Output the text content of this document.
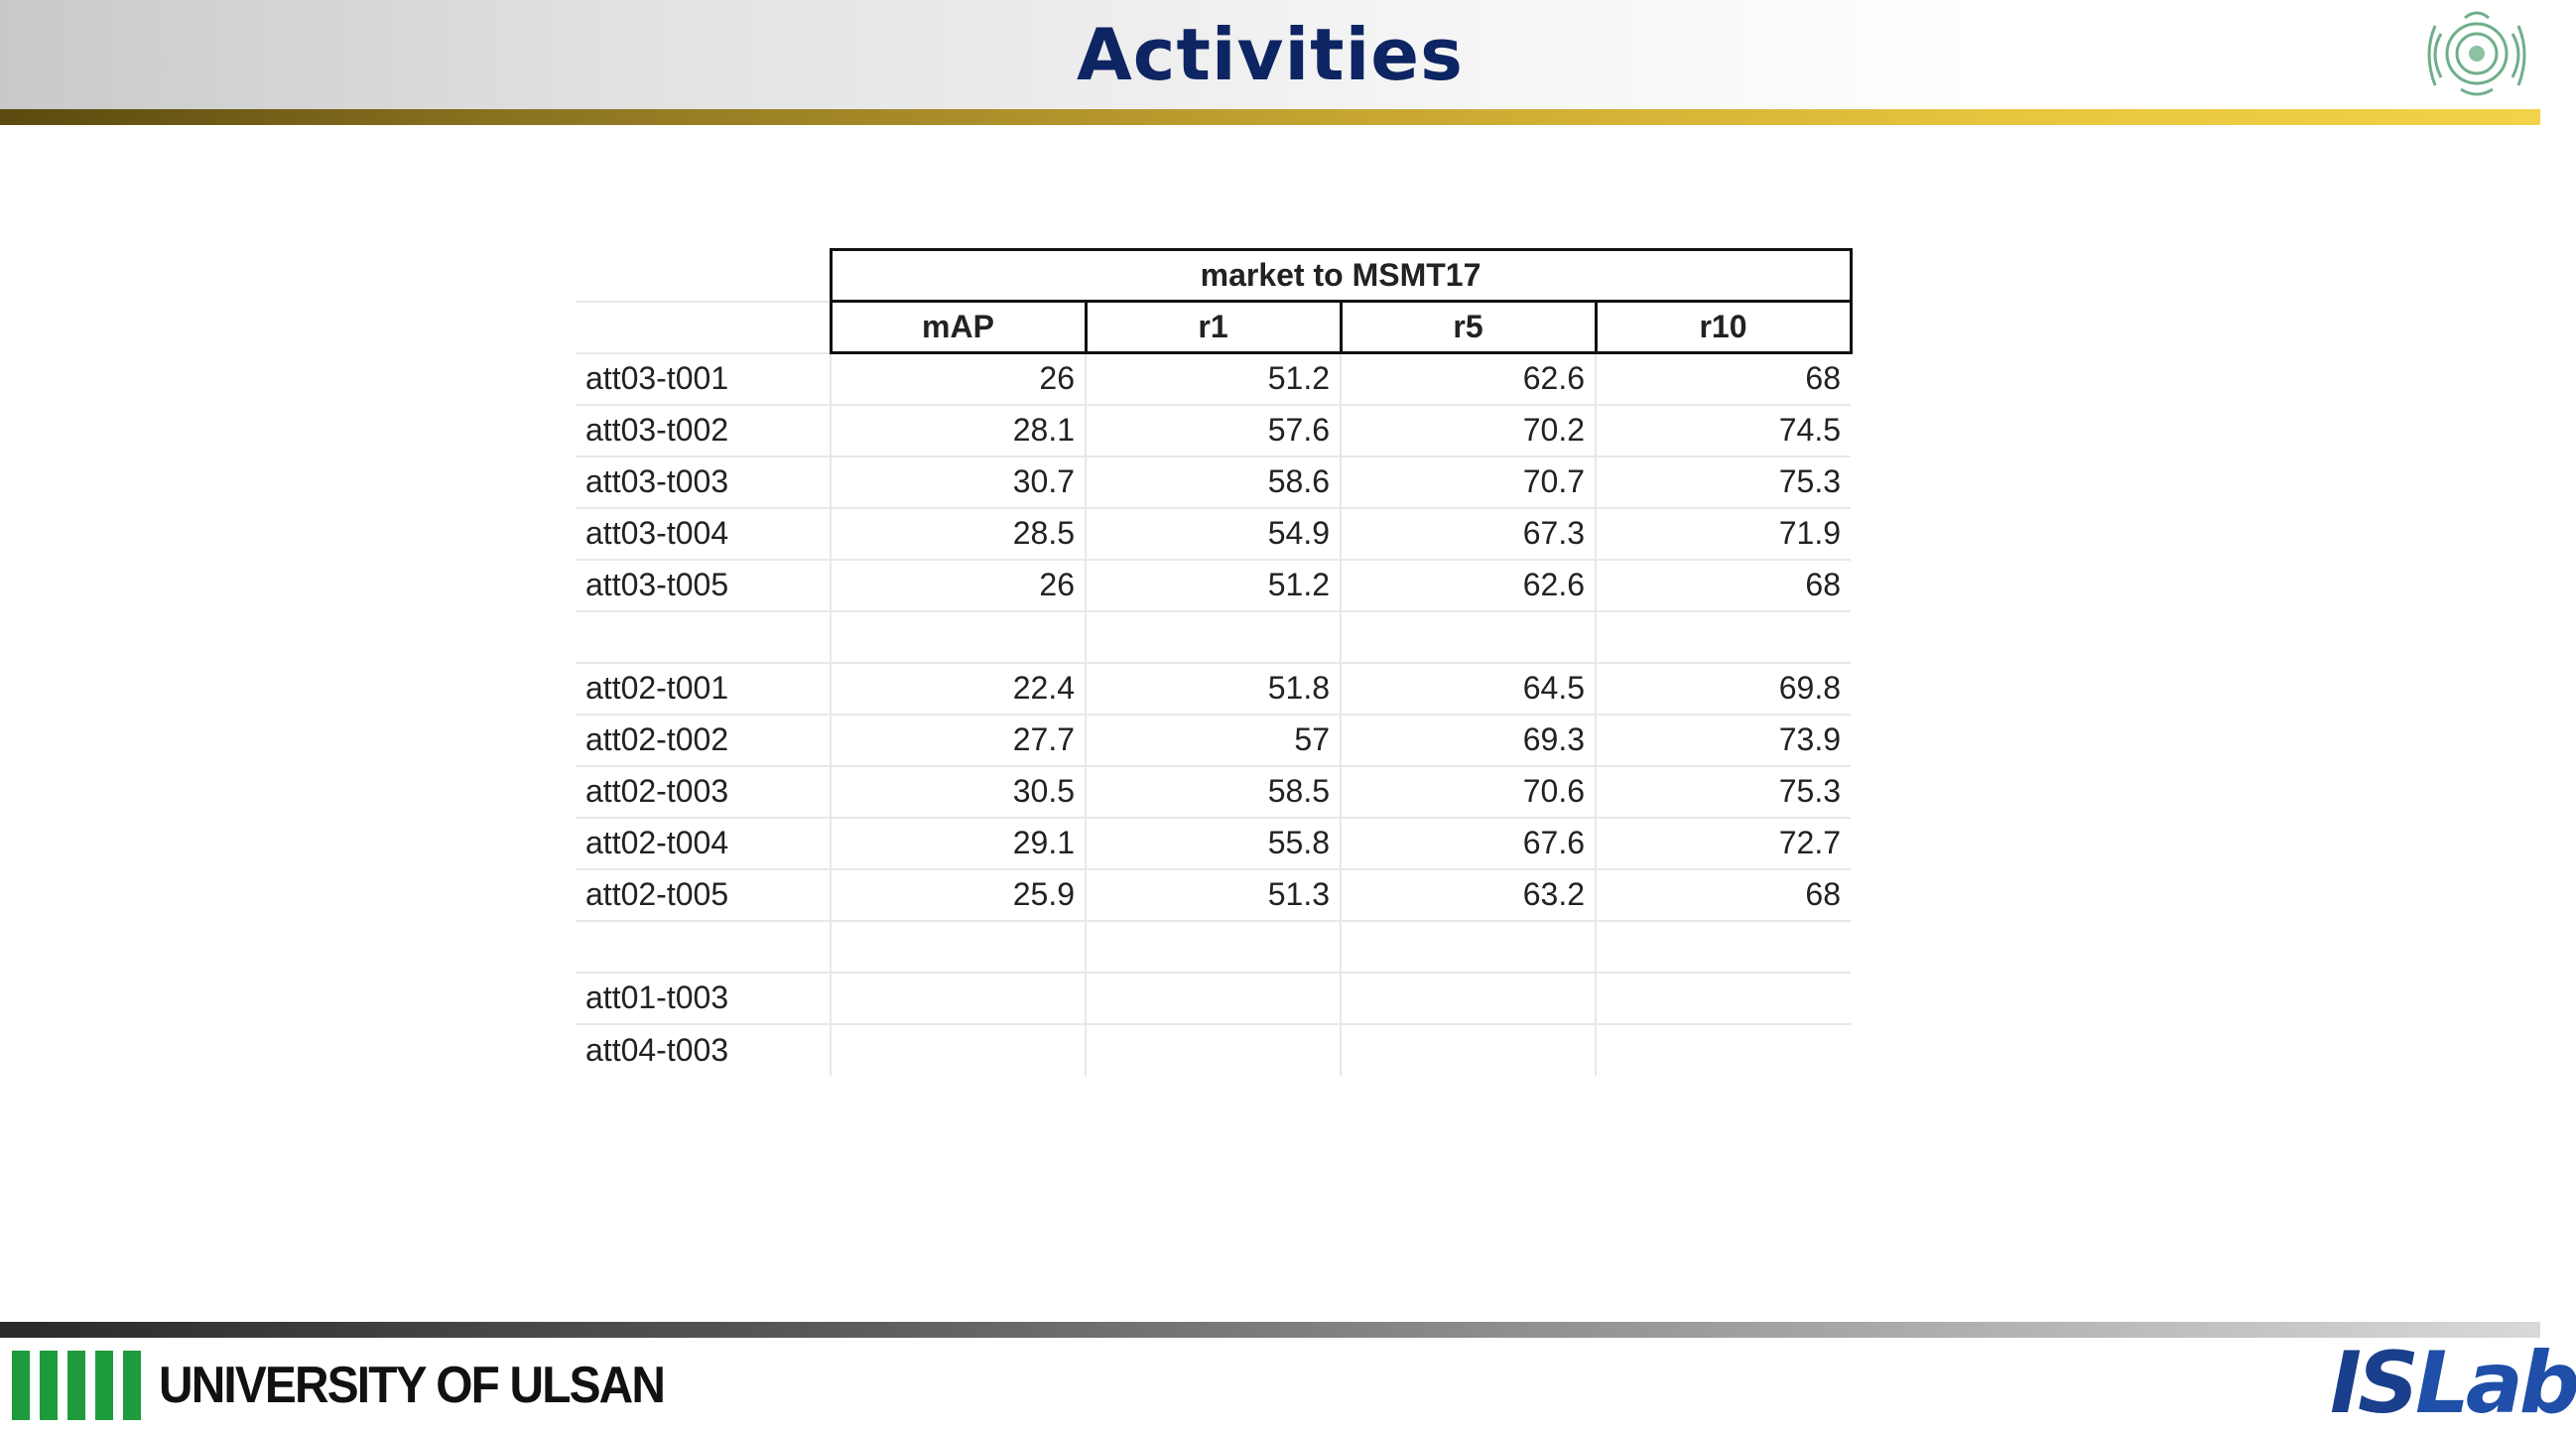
Activities
	market to MSMT17			
	mAP	r1	r5	r10
att03-t001	26	51.2	62.6	68
att03-t002	28.1	57.6	70.2	74.5
att03-t003	30.7	58.6	70.7	75.3
att03-t004	28.5	54.9	67.3	71.9
att03-t005	26	51.2	62.6	68

att02-t001	22.4	51.8	64.5	69.8
att02-t002	27.7	57	69.3	73.9
att02-t003	30.5	58.5	70.6	75.3
att02-t004	29.1	55.8	67.6	72.7
att02-t005	25.9	51.3	63.2	68

att01-t003				
att04-t003				
UNIVERSITY OF ULSAN	ISLab
